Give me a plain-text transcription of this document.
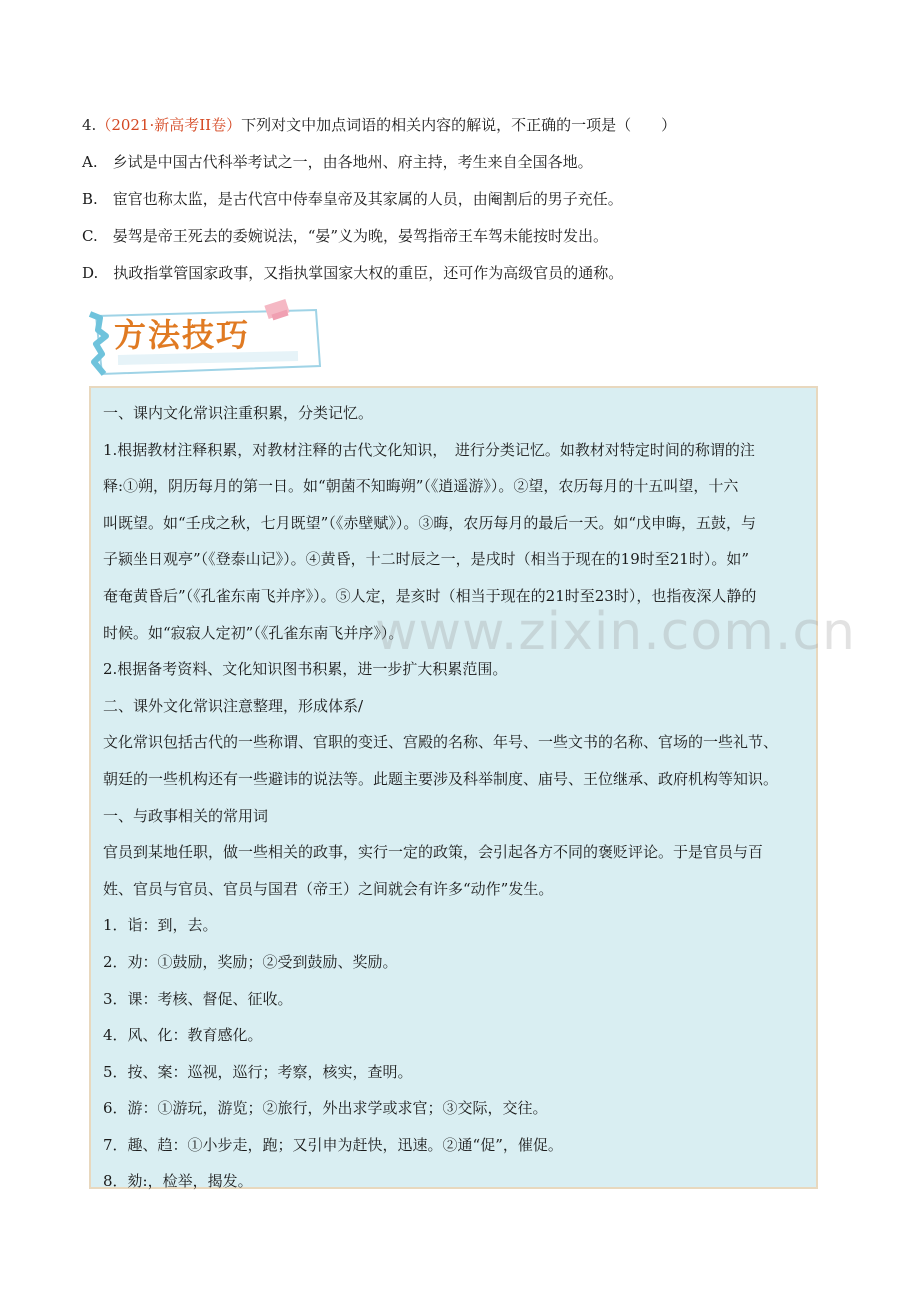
4.（2021·新高考II卷）下列对文中加点词语的相关内容的解说，不正确的一项是（　　）
A.　乡试是中国古代科举考试之一，由各地州、府主持，考生来自全国各地。
B.　宦官也称太监，是古代宫中侍奉皇帝及其家属的人员，由阉割后的男子充任。
C.　晏驾是帝王死去的委婉说法，“晏”义为晚，晏驾指帝王车驾未能按时发出。
D.　执政指掌管国家政事，又指执掌国家大权的重臣，还可作为高级官员的通称。
方法技巧
一、课内文化常识注重积累，分类记忆。
1.根据教材注释积累，对教材注释的古代文化知识，　进行分类记忆。如教材对特定时间的称谓的注
释:①朔，阴历每月的第一日。如“朝菌不知晦朔”（《逍遥游》）。②望，农历每月的十五叫望，十六
叫既望。如“壬戌之秋，七月既望”（《赤壁赋》）。③晦，农历每月的最后一天。如“戊申晦，五鼓，与
子颍坐日观亭”（《登泰山记》）。④黄昏，十二时辰之一，是戌时（相当于现在的19时至21时）。如”
奄奄黄昏后”（《孔雀东南飞并序》）。⑤人定，是亥时（相当于现在的21时至23时），也指夜深人静的
时候。如“寂寂人定初”（《孔雀东南飞并序》）。
2.根据备考资料、文化知识图书积累，进一步扩大积累范围。
二、课外文化常识注意整理，形成体系/
文化常识包括古代的一些称谓、官职的变迁、宫殿的名称、年号、一些文书的名称、官场的一些礼节、
朝廷的一些机构还有一些避讳的说法等。此题主要涉及科举制度、庙号、王位继承、政府机构等知识。
一、与政事相关的常用词
官员到某地任职，做一些相关的政事，实行一定的政策，会引起各方不同的褒贬评论。于是官员与百
姓、官员与官员、官员与国君（帝王）之间就会有许多“动作”发生。
1．诣：到，去。
2．劝：①鼓励，奖励；②受到鼓励、奖励。
3．课：考核、督促、征收。
4．风、化：教育感化。
5．按、案：巡视，巡行；考察，核实，查明。
6．游：①游玩，游览；②旅行，外出求学或求官；③交际，交往。
7．趣、趋：①小步走，跑；又引申为赶快，迅速。②通“促”，催促。
8．劾:，检举，揭发。
www.zixin.com.cn
